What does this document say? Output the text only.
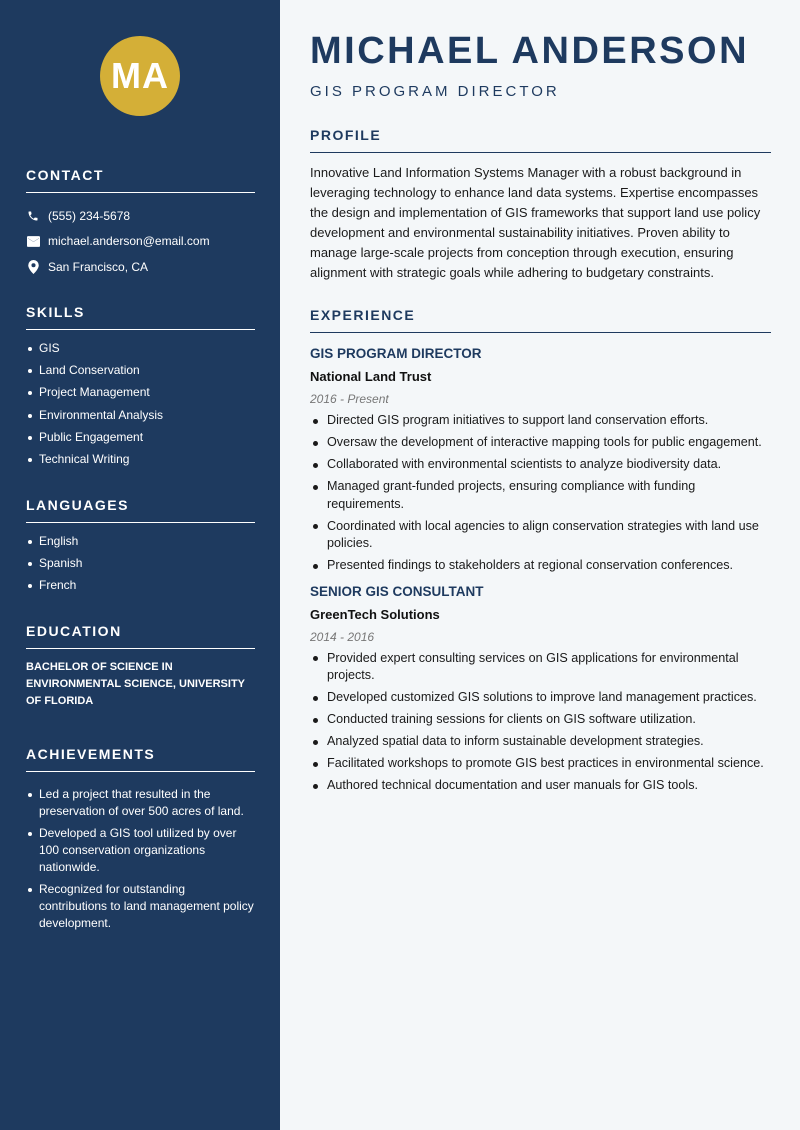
MA
CONTACT
(555) 234-5678
michael.anderson@email.com
San Francisco, CA
SKILLS
GIS
Land Conservation
Project Management
Environmental Analysis
Public Engagement
Technical Writing
LANGUAGES
English
Spanish
French
EDUCATION
BACHELOR OF SCIENCE IN ENVIRONMENTAL SCIENCE, UNIVERSITY OF FLORIDA
ACHIEVEMENTS
Led a project that resulted in the preservation of over 500 acres of land.
Developed a GIS tool utilized by over 100 conservation organizations nationwide.
Recognized for outstanding contributions to land management policy development.
MICHAEL ANDERSON
GIS PROGRAM DIRECTOR
PROFILE
Innovative Land Information Systems Manager with a robust background in leveraging technology to enhance land data systems. Expertise encompasses the design and implementation of GIS frameworks that support land use policy development and environmental sustainability initiatives. Proven ability to manage large-scale projects from conception through execution, ensuring alignment with strategic goals while adhering to budgetary constraints.
EXPERIENCE
GIS PROGRAM DIRECTOR
National Land Trust
2016 - Present
Directed GIS program initiatives to support land conservation efforts.
Oversaw the development of interactive mapping tools for public engagement.
Collaborated with environmental scientists to analyze biodiversity data.
Managed grant-funded projects, ensuring compliance with funding requirements.
Coordinated with local agencies to align conservation strategies with land use policies.
Presented findings to stakeholders at regional conservation conferences.
SENIOR GIS CONSULTANT
GreenTech Solutions
2014 - 2016
Provided expert consulting services on GIS applications for environmental projects.
Developed customized GIS solutions to improve land management practices.
Conducted training sessions for clients on GIS software utilization.
Analyzed spatial data to inform sustainable development strategies.
Facilitated workshops to promote GIS best practices in environmental science.
Authored technical documentation and user manuals for GIS tools.
